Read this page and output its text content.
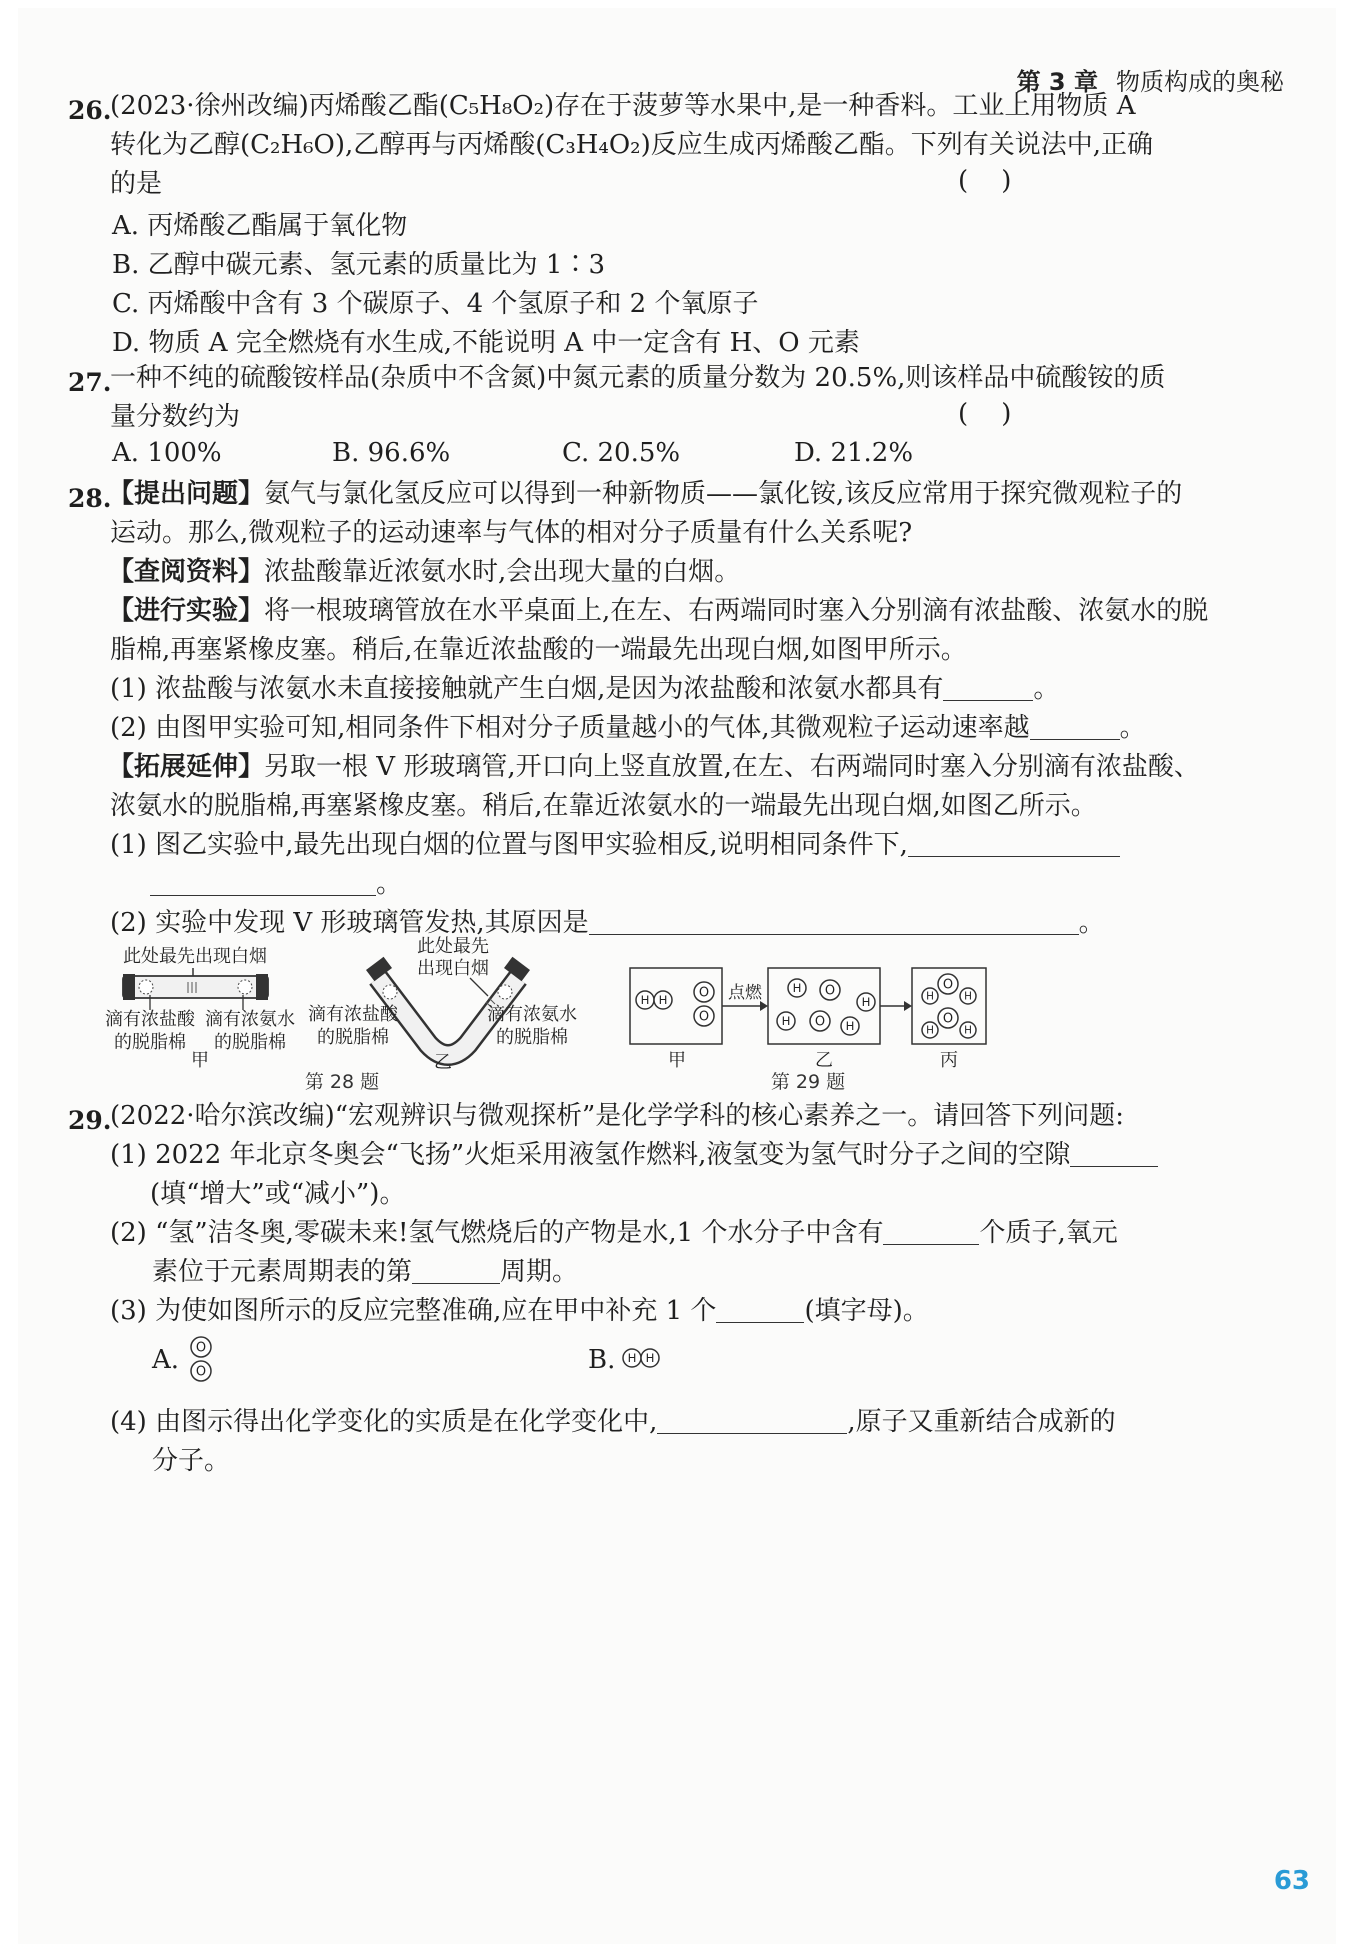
第 3 章 物质构成的奥秘
26.
(2023·徐州改编)丙烯酸乙酯(C₅H₈O₂)存在于菠萝等水果中,是一种香料。工业上用物质 A
转化为乙醇(C₂H₆O),乙醇再与丙烯酸(C₃H₄O₂)反应生成丙烯酸乙酯。下列有关说法中,正确
的是	(    )
A. 丙烯酸乙酯属于氧化物
B. 乙醇中碳元素、氢元素的质量比为 1∶3
C. 丙烯酸中含有 3 个碳原子、4 个氢原子和 2 个氧原子
D. 物质 A 完全燃烧有水生成,不能说明 A 中一定含有 H、O 元素
27.
一种不纯的硫酸铵样品(杂质中不含氮)中氮元素的质量分数为 20.5%,则该样品中硫酸铵的质
量分数约为	(    )
A. 100%	B. 96.6%	C. 20.5%	D. 21.2%
28.
【提出问题】氨气与氯化氢反应可以得到一种新物质——氯化铵,该反应常用于探究微观粒子的
运动。那么,微观粒子的运动速率与气体的相对分子质量有什么关系呢?
【查阅资料】浓盐酸靠近浓氨水时,会出现大量的白烟。
【进行实验】将一根玻璃管放在水平桌面上,在左、右两端同时塞入分别滴有浓盐酸、浓氨水的脱
脂棉,再塞紧橡皮塞。稍后,在靠近浓盐酸的一端最先出现白烟,如图甲所示。
(1) 浓盐酸与浓氨水未直接接触就产生白烟,是因为浓盐酸和浓氨水都具有	。
(2) 由图甲实验可知,相同条件下相对分子质量越小的气体,其微观粒子运动速率越	。
【拓展延伸】另取一根 V 形玻璃管,开口向上竖直放置,在左、右两端同时塞入分别滴有浓盐酸、
浓氨水的脱脂棉,再塞紧橡皮塞。稍后,在靠近浓氨水的一端最先出现白烟,如图乙所示。
(1) 图乙实验中,最先出现白烟的位置与图甲实验相反,说明相同条件下,
。
(2) 实验中发现 V 形玻璃管发热,其原因是	。
此处最先出现白烟
滴有浓盐酸
的脱脂棉
滴有浓氨水
的脱脂棉
甲
此处最先
出现白烟
滴有浓盐酸
的脱脂棉
滴有浓氨水
的脱脂棉
乙
第 28 题
点燃
H H O
O
H O
H
H O H
O
H	H
O
H	H
甲	乙	丙
第 29 题
O
O
H H
29.
(2022·哈尔滨改编)“宏观辨识与微观探析”是化学学科的核心素养之一。请回答下列问题:
(1) 2022 年北京冬奥会“飞扬”火炬采用液氢作燃料,液氢变为氢气时分子之间的空隙
(填“增大”或“减小”)。
(2) “氢”洁冬奥,零碳未来!氢气燃烧后的产物是水,1 个水分子中含有	个质子,氧元
素位于元素周期表的第	周期。
(3) 为使如图所示的反应完整准确,应在甲中补充 1 个	(填字母)。
A.	B.
(4) 由图示得出化学变化的实质是在化学变化中,	,原子又重新结合成新的
分子。
63
